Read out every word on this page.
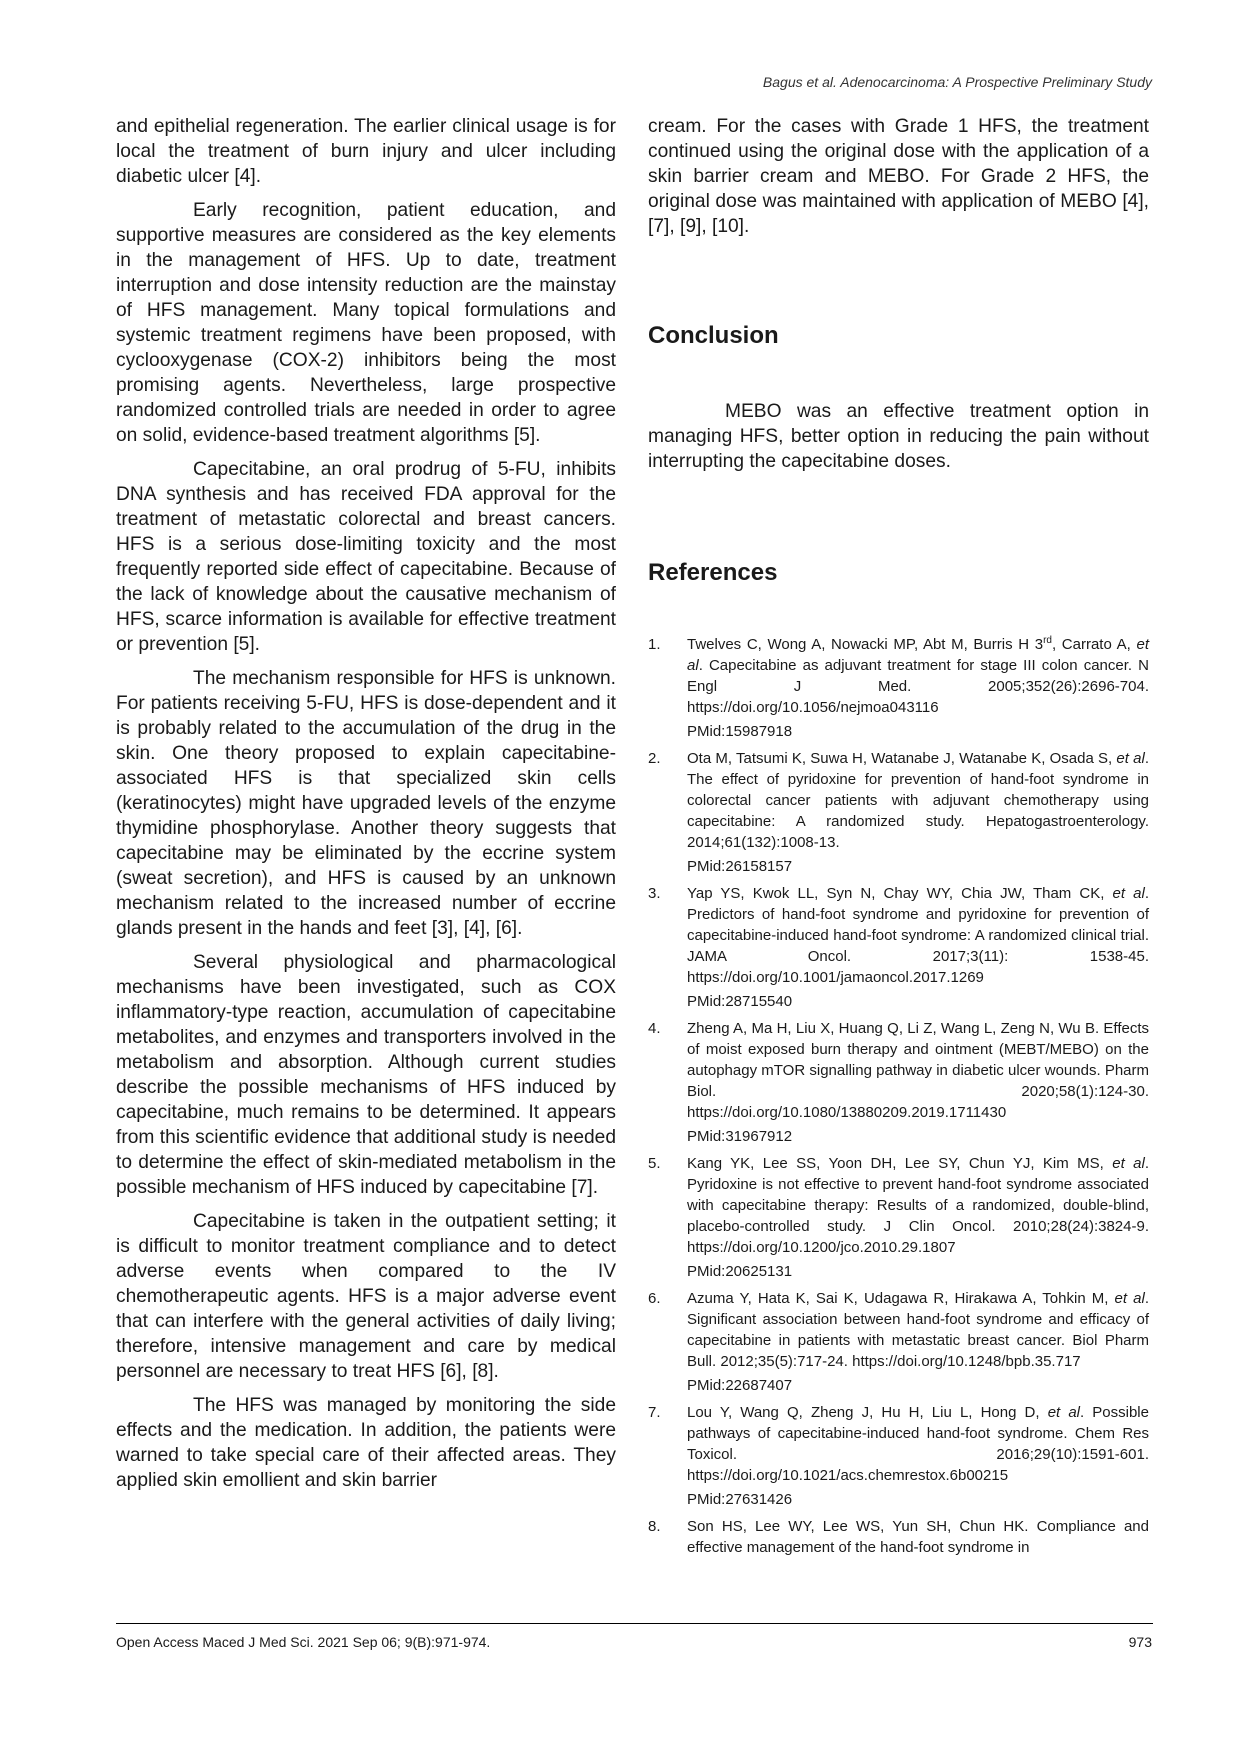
Bagus et al. Adenocarcinoma: A Prospective Preliminary Study

and epithelial regeneration. The earlier clinical usage is for local the treatment of burn injury and ulcer including diabetic ulcer [4].

Early recognition, patient education, and supportive measures are considered as the key elements in the management of HFS. Up to date, treatment interruption and dose intensity reduction are the mainstay of HFS management. Many topical formulations and systemic treatment regimens have been proposed, with cyclooxygenase (COX-2) inhibitors being the most promising agents. Nevertheless, large prospective randomized controlled trials are needed in order to agree on solid, evidence-based treatment algorithms [5].

Capecitabine, an oral prodrug of 5-FU, inhibits DNA synthesis and has received FDA approval for the treatment of metastatic colorectal and breast cancers. HFS is a serious dose-limiting toxicity and the most frequently reported side effect of capecitabine. Because of the lack of knowledge about the causative mechanism of HFS, scarce information is available for effective treatment or prevention [5].

The mechanism responsible for HFS is unknown. For patients receiving 5-FU, HFS is dose-dependent and it is probably related to the accumulation of the drug in the skin. One theory proposed to explain capecitabine-associated HFS is that specialized skin cells (keratinocytes) might have upgraded levels of the enzyme thymidine phosphorylase. Another theory suggests that capecitabine may be eliminated by the eccrine system (sweat secretion), and HFS is caused by an unknown mechanism related to the increased number of eccrine glands present in the hands and feet [3], [4], [6].

Several physiological and pharmacological mechanisms have been investigated, such as COX inflammatory-type reaction, accumulation of capecitabine metabolites, and enzymes and transporters involved in the metabolism and absorption. Although current studies describe the possible mechanisms of HFS induced by capecitabine, much remains to be determined. It appears from this scientific evidence that additional study is needed to determine the effect of skin-mediated metabolism in the possible mechanism of HFS induced by capecitabine [7].

Capecitabine is taken in the outpatient setting; it is difficult to monitor treatment compliance and to detect adverse events when compared to the IV chemotherapeutic agents. HFS is a major adverse event that can interfere with the general activities of daily living; therefore, intensive management and care by medical personnel are necessary to treat HFS [6], [8].

The HFS was managed by monitoring the side effects and the medication. In addition, the patients were warned to take special care of their affected areas. They applied skin emollient and skin barrier

cream. For the cases with Grade 1 HFS, the treatment continued using the original dose with the application of a skin barrier cream and MEBO. For Grade 2 HFS, the original dose was maintained with application of MEBO [4], [7], [9], [10].

Conclusion

MEBO was an effective treatment option in managing HFS, better option in reducing the pain without interrupting the capecitabine doses.

References
1.	Twelves C, Wong A, Nowacki MP, Abt M, Burris H 3rd, Carrato A, et al. Capecitabine as adjuvant treatment for stage III colon cancer. N Engl J Med. 2005;352(26):2696-704. https://doi.org/10.1056/nejmoa043116

PMid:15987918

2.	Ota M, Tatsumi K, Suwa H, Watanabe J, Watanabe K, Osada S, et al. The effect of pyridoxine for prevention of hand-foot syndrome in colorectal cancer patients with adjuvant chemotherapy using capecitabine: A randomized study. Hepatogastroenterology. 2014;61(132):1008-13.

PMid:26158157

3.	Yap YS, Kwok LL, Syn N, Chay WY, Chia JW, Tham CK, et al. Predictors of hand-foot syndrome and pyridoxine for prevention of capecitabine-induced hand-foot syndrome: A randomized clinical trial. JAMA Oncol. 2017;3(11): 1538-45. https://doi.org/10.1001/jamaoncol.2017.1269

PMid:28715540

4.	Zheng A, Ma H, Liu X, Huang Q, Li Z, Wang L, Zeng N, Wu B. Effects of moist exposed burn therapy and ointment (MEBT/MEBO) on the autophagy mTOR signalling pathway in diabetic ulcer wounds. Pharm Biol. 2020;58(1):124-30. https://doi.org/10.1080/13880209.2019.1711430

PMid:31967912

5.	Kang YK, Lee SS, Yoon DH, Lee SY, Chun YJ, Kim MS, et al. Pyridoxine is not effective to prevent hand-foot syndrome associated with capecitabine therapy: Results of a randomized, double-blind, placebo-controlled study. J Clin Oncol. 2010;28(24):3824-9. https://doi.org/10.1200/jco.2010.29.1807

PMid:20625131

6.	Azuma Y, Hata K, Sai K, Udagawa R, Hirakawa A, Tohkin M, et al. Significant association between hand-foot syndrome and efficacy of capecitabine in patients with metastatic breast cancer. Biol Pharm Bull. 2012;35(5):717-24. https://doi.org/10.1248/bpb.35.717

PMid:22687407

7.	Lou Y, Wang Q, Zheng J, Hu H, Liu L, Hong D, et al. Possible pathways of capecitabine-induced hand-foot syndrome. Chem Res Toxicol. 2016;29(10):1591-601. https://doi.org/10.1021/acs.chemrestox.6b00215

PMid:27631426

8.	Son HS, Lee WY, Lee WS, Yun SH, Chun HK. Compliance and effective management of the hand-foot syndrome in

Open Access Maced J Med Sci. 2021 Sep 06; 9(B):971-974.	973
